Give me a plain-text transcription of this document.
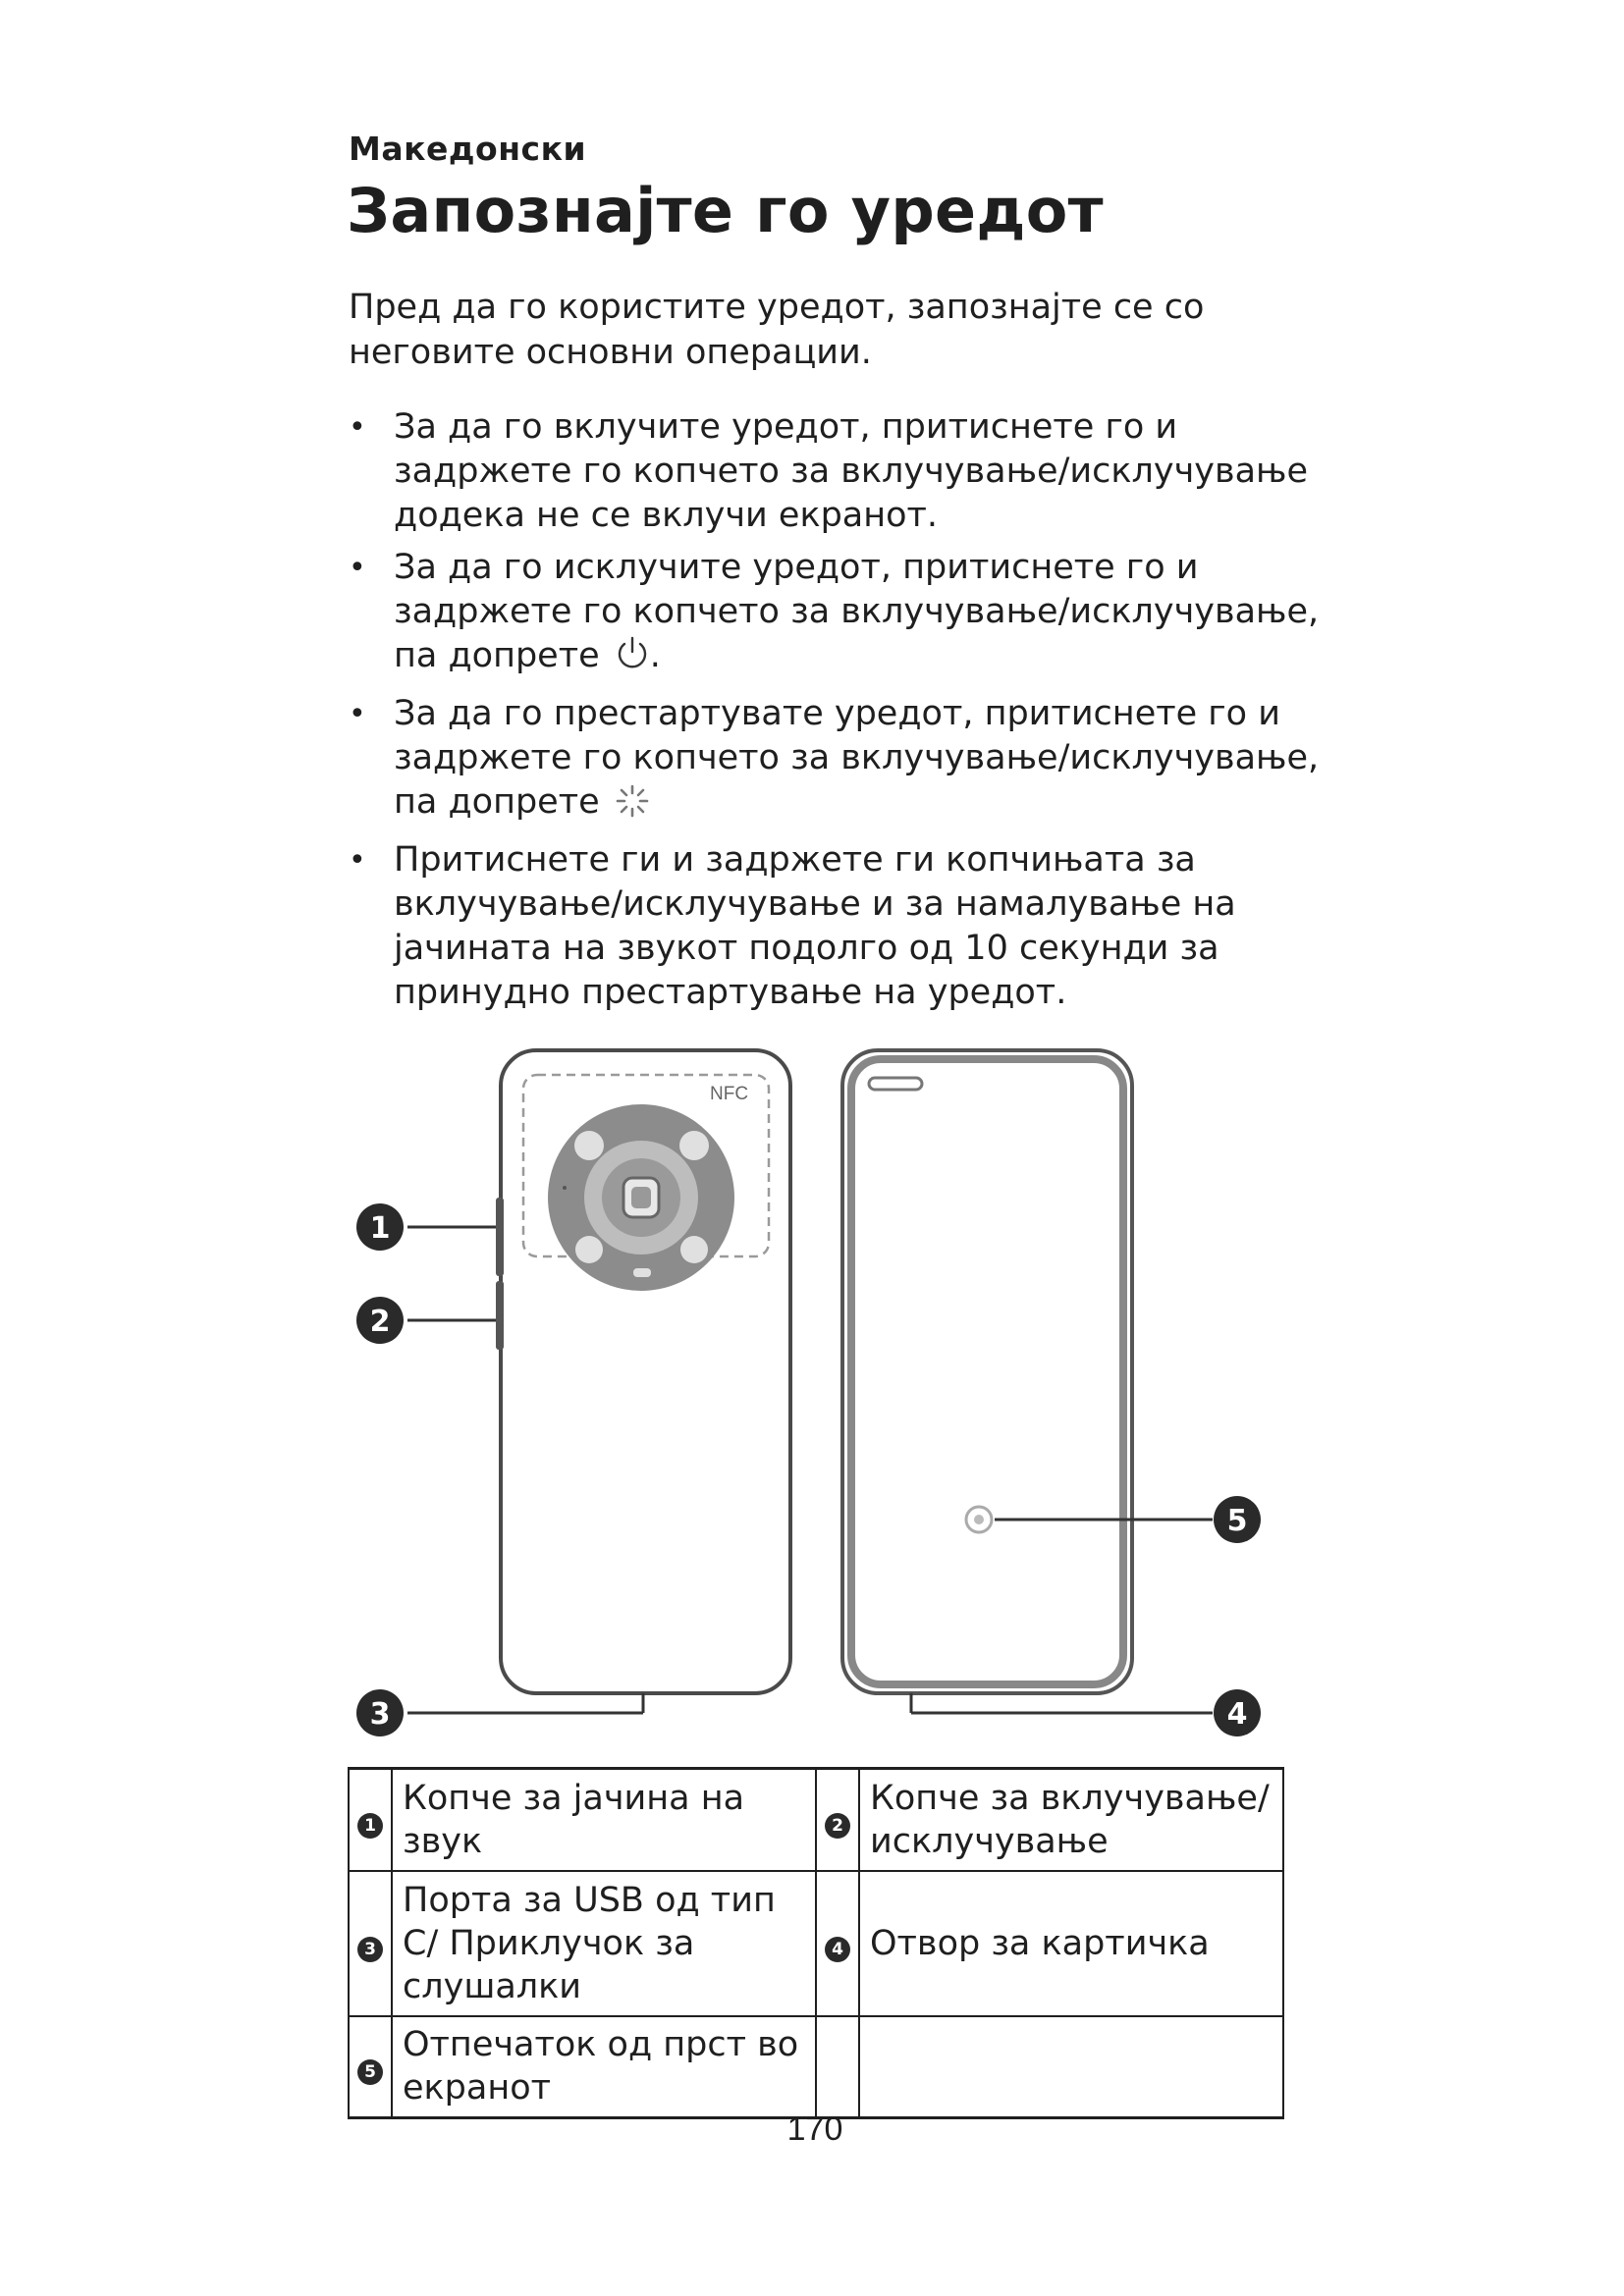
Македонски
Запознајте го уредот

Пред да го користите уредот, запознајте се со неговите основни операции.

• За да го вклучите уредот, притиснете го и задржете го копчето за вклучување/исклучување додека не се вклучи екранот.
• За да го исклучите уредот, притиснете го и задржете го копчето за вклучување/исклучување, па допрете .
• За да го престартувате уредот, притиснете го и задржете го копчето за вклучување/исклучување, па допрете
• Притиснете ги и задржете ги копчињата за вклучување/исклучување и за намалување на јачината на звукот подолго од 10 секунди за принудно престартување на уредот.
NFC
1
2
3	4
5
1	Копче за јачина на звук	2	Копче за вклучување/ исклучување
3	Порта за USB од тип C/ Приклучок за слушалки	4	Отвор за картичка
5	Отпечаток од прст во екранот		
170
